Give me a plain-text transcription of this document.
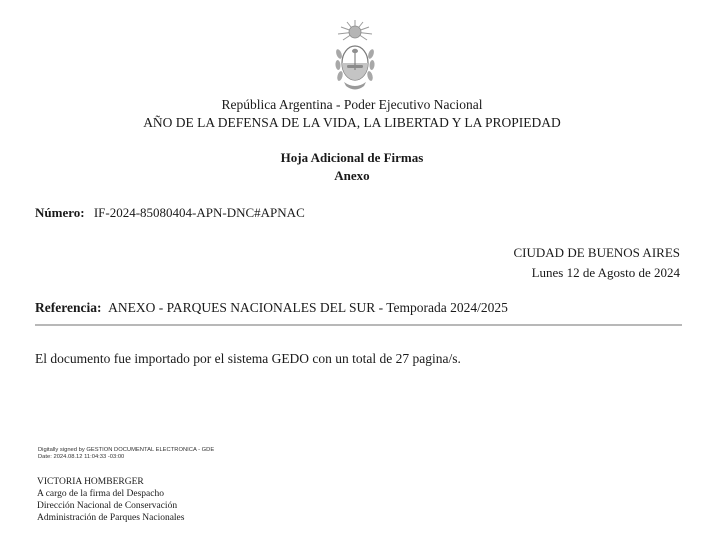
República Argentina - Poder Ejecutivo Nacional
AÑO DE LA DEFENSA DE LA VIDA, LA LIBERTAD Y LA PROPIEDAD
Hoja Adicional de Firmas
Anexo
Número: IF-2024-85080404-APN-DNC#APNAC
CIUDAD DE BUENOS AIRES
Lunes 12 de Agosto de 2024
Referencia: ANEXO - PARQUES NACIONALES DEL SUR - Temporada 2024/2025
El documento fue importado por el sistema GEDO con un total de 27 pagina/s.
Digitally signed by GESTION DOCUMENTAL ELECTRONICA - GDE
Date: 2024.08.12 11:04:33 -03:00
VICTORIA HOMBERGER
A cargo de la firma del Despacho
Dirección Nacional de Conservación
Administración de Parques Nacionales
